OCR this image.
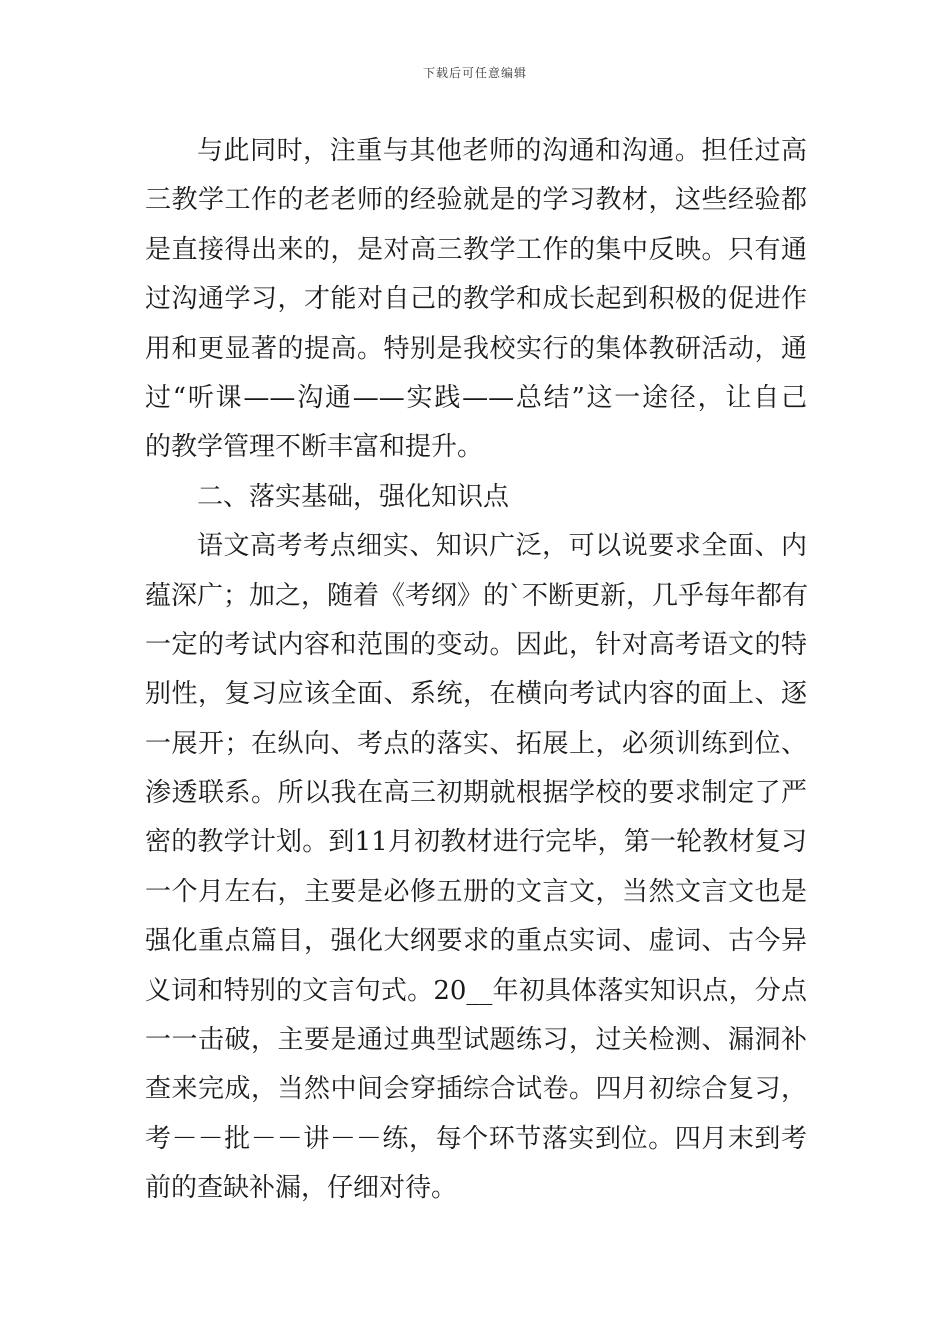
下载后可任意编辑
与此同时，注重与其他老师的沟通和沟通。担任过高
三教学工作的老老师的经验就是的学习教材，这些经验都
是直接得出来的，是对高三教学工作的集中反映。只有通
过沟通学习，才能对自己的教学和成长起到积极的促进作
用和更显著的提高。特别是我校实行的集体教研活动，通
过“听课——沟通——实践——总结”这一途径，让自己
的教学管理不断丰富和提升。
二、落实基础，强化知识点
语文高考考点细实、知识广泛，可以说要求全面、内
蕴深广；加之，随着《考纲》的`不断更新，几乎每年都有
一定的考试内容和范围的变动。因此，针对高考语文的特
别性，复习应该全面、系统，在横向考试内容的面上、逐
一展开；在纵向、考点的落实、拓展上，必须训练到位、
渗透联系。所以我在高三初期就根据学校的要求制定了严
密的教学计划。到11月初教材进行完毕，第一轮教材复习
一个月左右，主要是必修五册的文言文，当然文言文也是
强化重点篇目，强化大纲要求的重点实词、虚词、古今异
义词和特别的文言句式。20__年初具体落实知识点，分点
一一击破，主要是通过典型试题练习，过关检测、漏洞补
查来完成，当然中间会穿插综合试卷。四月初综合复习，
考－－批－－讲－－练，每个环节落实到位。四月末到考
前的查缺补漏，仔细对待。
